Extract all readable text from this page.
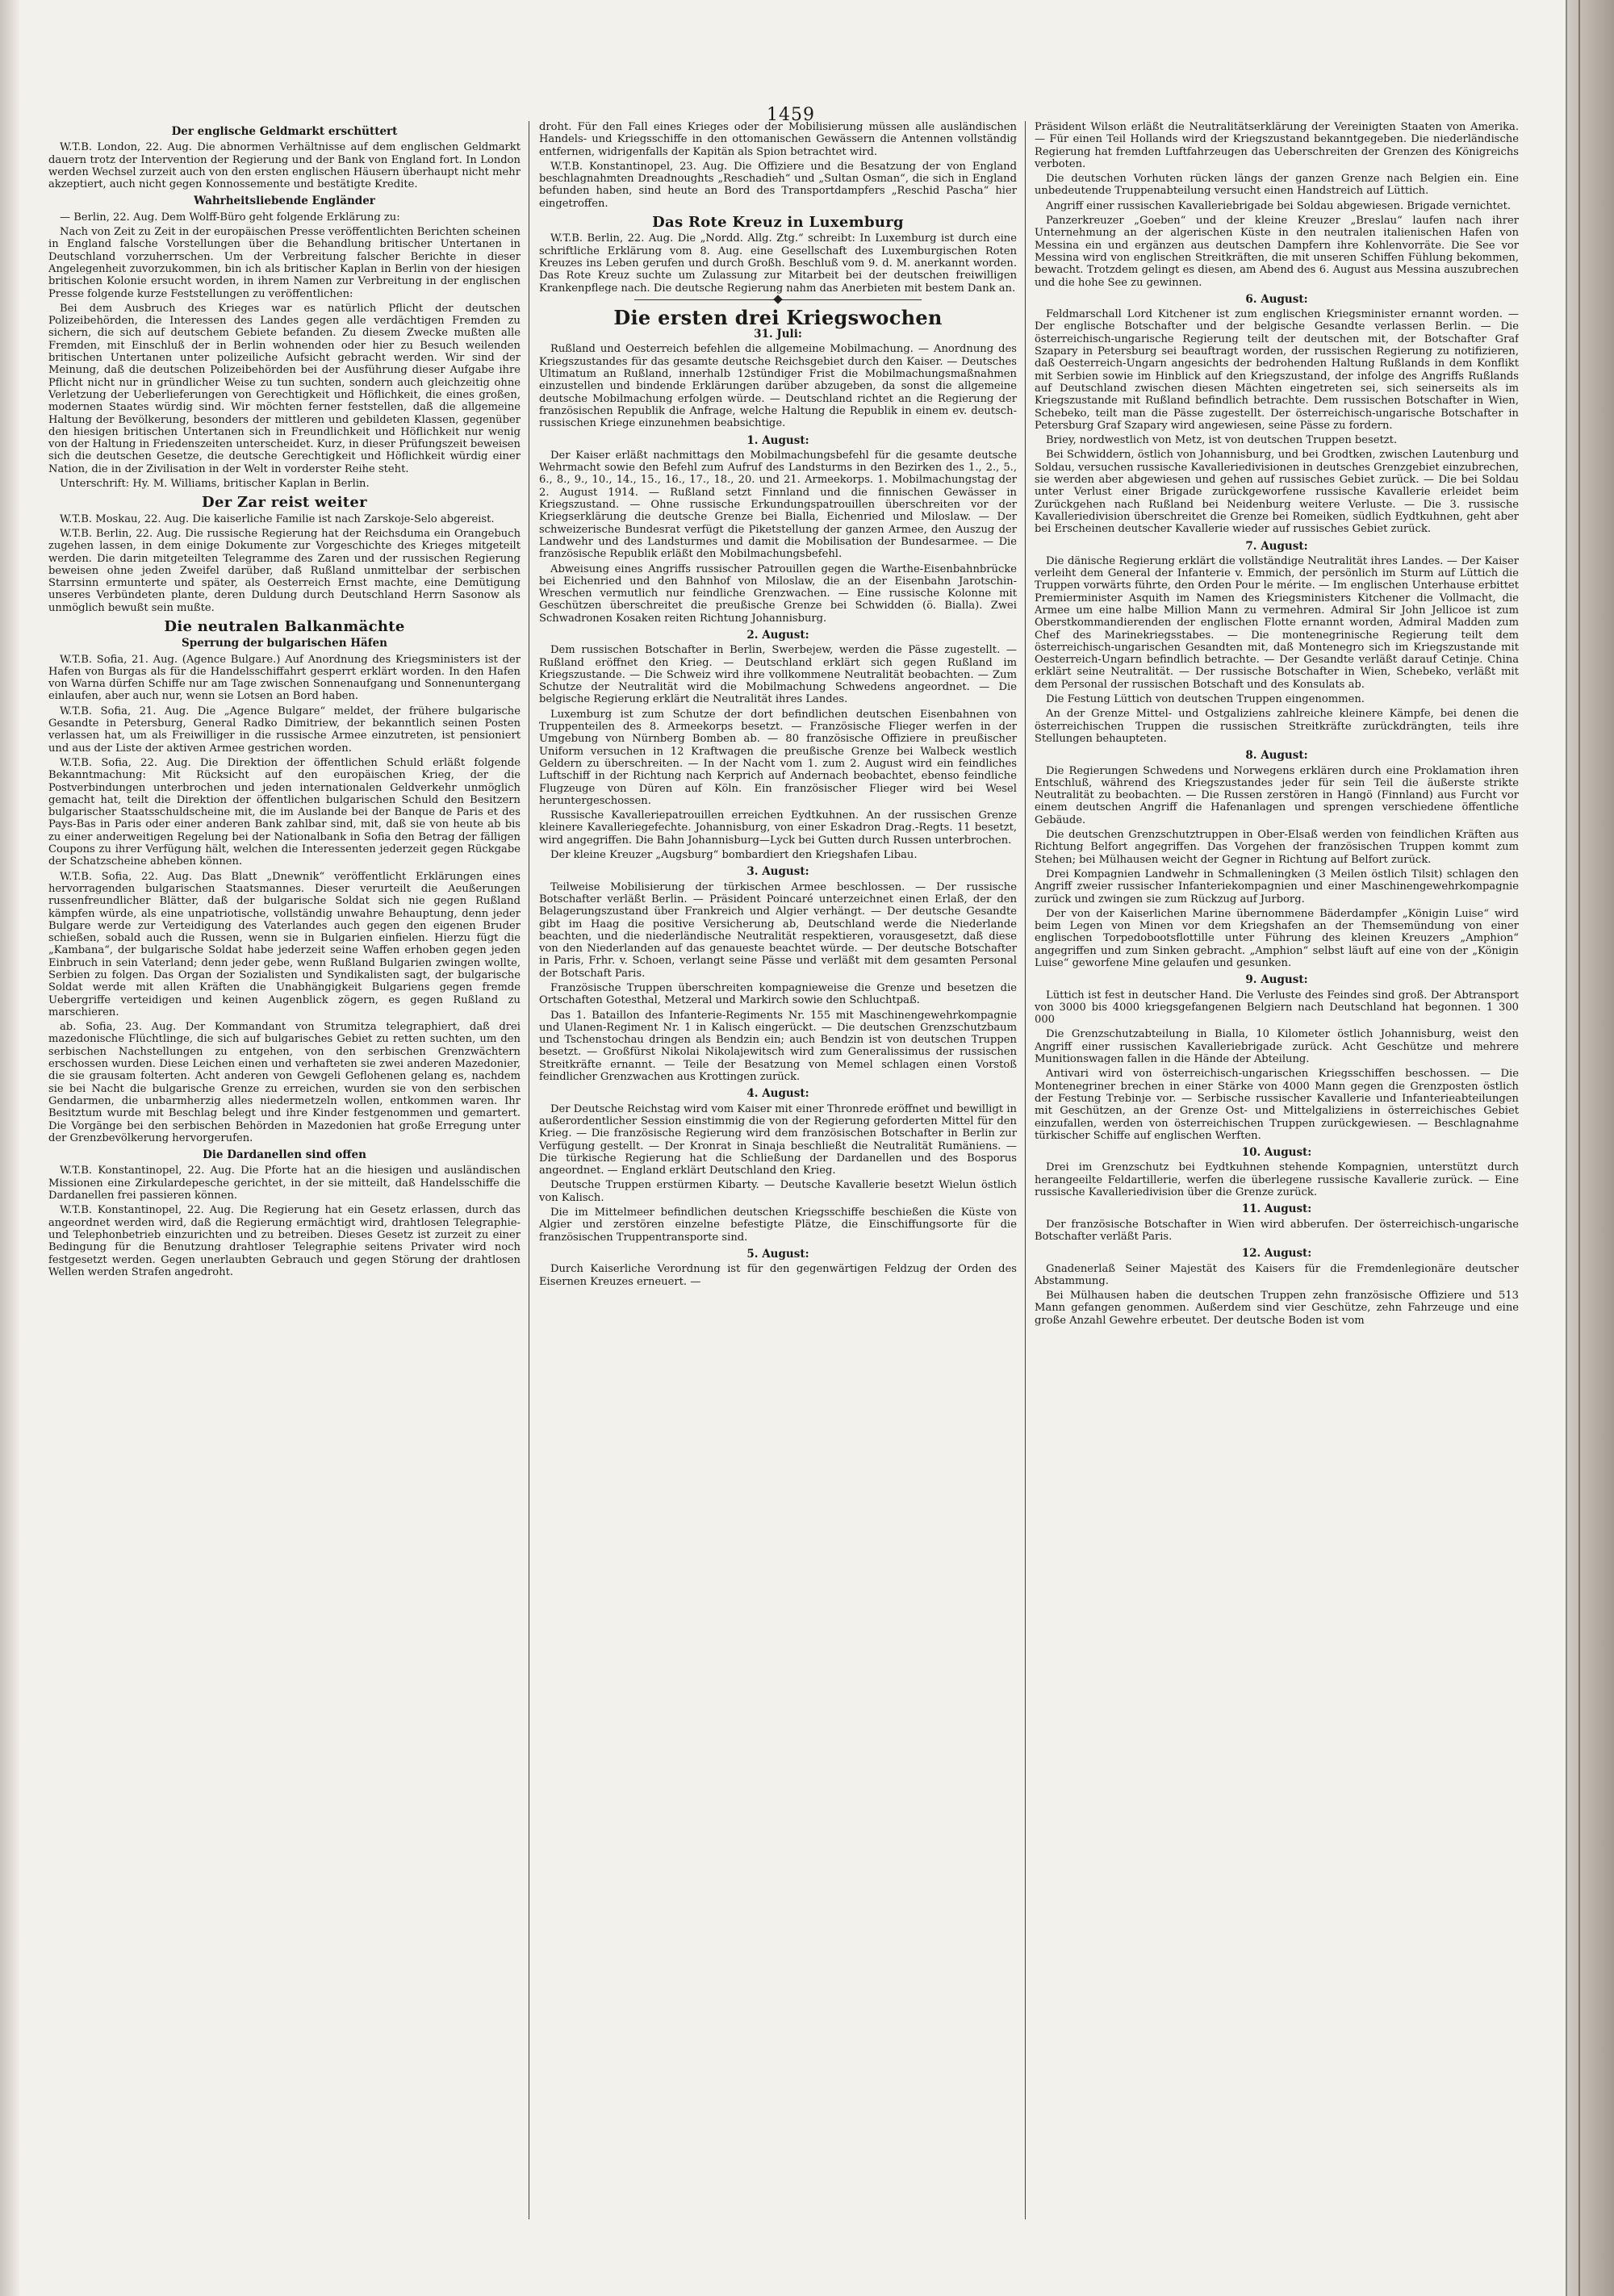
1459
Der englische Geldmarkt erschüttert

W.T.B. London, 22. Aug. Die abnormen Verhältnisse auf dem englischen Geldmarkt dauern trotz der Intervention der Regierung und der Bank von England fort. In London werden Wechsel zurzeit auch von den ersten englischen Häusern überhaupt nicht mehr akzeptiert, auch nicht gegen Konnossemente und bestätigte Kredite.

Wahrheitsliebende Engländer

— Berlin, 22. Aug. Dem Wolff-Büro geht folgende Erklärung zu:

Nach von Zeit zu Zeit in der europäischen Presse veröffentlichten Berichten scheinen in England falsche Vorstellungen über die Behandlung britischer Untertanen in Deutschland vorzuherrschen. Um der Verbreitung falscher Berichte in dieser Angelegenheit zuvorzukommen, bin ich als britischer Kaplan in Berlin von der hiesigen britischen Kolonie ersucht worden, in ihrem Namen zur Verbreitung in der englischen Presse folgende kurze Feststellungen zu veröffentlichen:

Bei dem Ausbruch des Krieges war es natürlich Pflicht der deutschen Polizeibehörden, die Interessen des Landes gegen alle verdächtigen Fremden zu sichern, die sich auf deutschem Gebiete befanden. Zu diesem Zwecke mußten alle Fremden, mit Einschluß der in Berlin wohnenden oder hier zu Besuch weilenden britischen Untertanen unter polizeiliche Aufsicht gebracht werden. Wir sind der Meinung, daß die deutschen Polizeibehörden bei der Ausführung dieser Aufgabe ihre Pflicht nicht nur in gründlicher Weise zu tun suchten, sondern auch gleichzeitig ohne Verletzung der Ueberlieferungen von Gerechtigkeit und Höflichkeit, die eines großen, modernen Staates würdig sind. Wir möchten ferner feststellen, daß die allgemeine Haltung der Bevölkerung, besonders der mittleren und gebildeten Klassen, gegenüber den hiesigen britischen Untertanen sich in Freundlichkeit und Höflichkeit nur wenig von der Haltung in Friedenszeiten unterscheidet. Kurz, in dieser Prüfungszeit beweisen sich die deutschen Gesetze, die deutsche Gerechtigkeit und Höflichkeit würdig einer Nation, die in der Zivilisation in der Welt in vorderster Reihe steht.

Unterschrift: Hy. M. Williams, britischer Kaplan in Berlin.

Der Zar reist weiter

W.T.B. Moskau, 22. Aug. Die kaiserliche Familie ist nach Zarskoje-Selo abgereist.

W.T.B. Berlin, 22. Aug. Die russische Regierung hat der Reichsduma ein Orangebuch zugehen lassen, in dem einige Dokumente zur Vorgeschichte des Krieges mitgeteilt werden. Die darin mitgeteilten Telegramme des Zaren und der russischen Regierung beweisen ohne jeden Zweifel darüber, daß Rußland unmittelbar der serbischen Starrsinn ermunterte und später, als Oesterreich Ernst machte, eine Demütigung unseres Verbündeten plante, deren Duldung durch Deutschland Herrn Sasonow als unmöglich bewußt sein mußte.

Die neutralen Balkanmächte
Sperrung der bulgarischen Häfen

W.T.B. Sofia, 21. Aug. (Agence Bulgare.) Auf Anordnung des Kriegsministers ist der Hafen von Burgas als für die Handelsschiffahrt gesperrt erklärt worden. In den Hafen von Warna dürfen Schiffe nur am Tage zwischen Sonnenaufgang und Sonnenuntergang einlaufen, aber auch nur, wenn sie Lotsen an Bord haben.

W.T.B. Sofia, 21. Aug. Die „Agence Bulgare“ meldet, der frühere bulgarische Gesandte in Petersburg, General Radko Dimitriew, der bekanntlich seinen Posten verlassen hat, um als Freiwilliger in die russische Armee einzutreten, ist pensioniert und aus der Liste der aktiven Armee gestrichen worden.

W.T.B. Sofia, 22. Aug. Die Direktion der öffentlichen Schuld erläßt folgende Bekanntmachung: Mit Rücksicht auf den europäischen Krieg, der die Postverbindungen unterbrochen und jeden internationalen Geldverkehr unmöglich gemacht hat, teilt die Direktion der öffentlichen bulgarischen Schuld den Besitzern bulgarischer Staatsschuldscheine mit, die im Auslande bei der Banque de Paris et des Pays-Bas in Paris oder einer anderen Bank zahlbar sind, mit, daß sie von heute ab bis zu einer anderweitigen Regelung bei der Nationalbank in Sofia den Betrag der fälligen Coupons zu ihrer Verfügung hält, welchen die Interessenten jederzeit gegen Rückgabe der Schatzscheine abheben können.

W.T.B. Sofia, 22. Aug. Das Blatt „Dnewnik“ veröffentlicht Erklärungen eines hervorragenden bulgarischen Staatsmannes. Dieser verurteilt die Aeußerungen russenfreundlicher Blätter, daß der bulgarische Soldat sich nie gegen Rußland kämpfen würde, als eine unpatriotische, vollständig unwahre Behauptung, denn jeder Bulgare werde zur Verteidigung des Vaterlandes auch gegen den eigenen Bruder schießen, sobald auch die Russen, wenn sie in Bulgarien einfielen. Hierzu fügt die „Kambana“, der bulgarische Soldat habe jederzeit seine Waffen erhoben gegen jeden Einbruch in sein Vaterland; denn jeder gebe, wenn Rußland Bulgarien zwingen wollte, Serbien zu folgen. Das Organ der Sozialisten und Syndikalisten sagt, der bulgarische Soldat werde mit allen Kräften die Unabhängigkeit Bulgariens gegen fremde Uebergriffe verteidigen und keinen Augenblick zögern, es gegen Rußland zu marschieren.

ab. Sofia, 23. Aug. Der Kommandant von Strumitza telegraphiert, daß drei mazedonische Flüchtlinge, die sich auf bulgarisches Gebiet zu retten suchten, um den serbischen Nachstellungen zu entgehen, von den serbischen Grenzwächtern erschossen wurden. Diese Leichen einen und verhafteten sie zwei anderen Mazedonier, die sie grausam folterten. Acht anderen von Gewgeli Geflohenen gelang es, nachdem sie bei Nacht die bulgarische Grenze zu erreichen, wurden sie von den serbischen Gendarmen, die unbarmherzig alles niedermetzeln wollen, entkommen waren. Ihr Besitztum wurde mit Beschlag belegt und ihre Kinder festgenommen und gemartert. Die Vorgänge bei den serbischen Behörden in Mazedonien hat große Erregung unter der Grenzbevölkerung hervorgerufen.

Die Dardanellen sind offen

W.T.B. Konstantinopel, 22. Aug. Die Pforte hat an die hiesigen und ausländischen Missionen eine Zirkulardepesche gerichtet, in der sie mitteilt, daß Handelsschiffe die Dardanellen frei passieren können.

W.T.B. Konstantinopel, 22. Aug. Die Regierung hat ein Gesetz erlassen, durch das angeordnet werden wird, daß die Regierung ermächtigt wird, drahtlosen Telegraphie- und Telephonbetrieb einzurichten und zu betreiben. Dieses Gesetz ist zurzeit zu einer Bedingung für die Benutzung drahtloser Telegraphie seitens Privater wird noch festgesetzt werden. Gegen unerlaubten Gebrauch und gegen Störung der drahtlosen Wellen werden Strafen angedroht.

droht. Für den Fall eines Krieges oder der Mobilisierung müssen alle ausländischen Handels- und Kriegsschiffe in den ottomanischen Gewässern die Antennen vollständig entfernen, widrigenfalls der Kapitän als Spion betrachtet wird.

W.T.B. Konstantinopel, 23. Aug. Die Offiziere und die Besatzung der von England beschlagnahmten Dreadnoughts „Reschadieh“ und „Sultan Osman“, die sich in England befunden haben, sind heute an Bord des Transportdampfers „Reschid Pascha“ hier eingetroffen.

Das Rote Kreuz in Luxemburg

W.T.B. Berlin, 22. Aug. Die „Nordd. Allg. Ztg.“ schreibt: In Luxemburg ist durch eine schriftliche Erklärung vom 8. Aug. eine Gesellschaft des Luxemburgischen Roten Kreuzes ins Leben gerufen und durch Großh. Beschluß vom 9. d. M. anerkannt worden. Das Rote Kreuz suchte um Zulassung zur Mitarbeit bei der deutschen freiwilligen Krankenpflege nach. Die deutsche Regierung nahm das Anerbieten mit bestem Dank an.

Die ersten drei Kriegswochen
31. Juli:

Rußland und Oesterreich befehlen die allgemeine Mobilmachung. — Anordnung des Kriegszustandes für das gesamte deutsche Reichsgebiet durch den Kaiser. — Deutsches Ultimatum an Rußland, innerhalb 12stündiger Frist die Mobilmachungsmaßnahmen einzustellen und bindende Erklärungen darüber abzugeben, da sonst die allgemeine deutsche Mobilmachung erfolgen würde. — Deutschland richtet an die Regierung der französischen Republik die Anfrage, welche Haltung die Republik in einem ev. deutsch-russischen Kriege einzunehmen beabsichtige.

1. August:

Der Kaiser erläßt nachmittags den Mobilmachungsbefehl für die gesamte deutsche Wehrmacht sowie den Befehl zum Aufruf des Landsturms in den Bezirken des 1., 2., 5., 6., 8., 9., 10., 14., 15., 16., 17., 18., 20. und 21. Armeekorps. 1. Mobilmachungstag der 2. August 1914. — Rußland setzt Finnland und die finnischen Gewässer in Kriegszustand. — Ohne russische Erkundungspatrouillen überschreiten vor der Kriegserklärung die deutsche Grenze bei Bialla, Eichenried und Miloslaw. — Der schweizerische Bundesrat verfügt die Piketstellung der ganzen Armee, den Auszug der Landwehr und des Landsturmes und damit die Mobilisation der Bundesarmee. — Die französische Republik erläßt den Mobilmachungsbefehl.

Abweisung eines Angriffs russischer Patrouillen gegen die Warthe-Eisenbahnbrücke bei Eichenried und den Bahnhof von Miloslaw, die an der Eisenbahn Jarotschin-Wreschen vermutlich nur feindliche Grenzwachen. — Eine russische Kolonne mit Geschützen überschreitet die preußische Grenze bei Schwidden (ö. Bialla). Zwei Schwadronen Kosaken reiten Richtung Johannisburg.

2. August:

Dem russischen Botschafter in Berlin, Swerbejew, werden die Pässe zugestellt. — Rußland eröffnet den Krieg. — Deutschland erklärt sich gegen Rußland im Kriegszustande. — Die Schweiz wird ihre vollkommene Neutralität beobachten. — Zum Schutze der Neutralität wird die Mobilmachung Schwedens angeordnet. — Die belgische Regierung erklärt die Neutralität ihres Landes.

Luxemburg ist zum Schutze der dort befindlichen deutschen Eisenbahnen von Truppenteilen des 8. Armeekorps besetzt. — Französische Flieger werfen in der Umgebung von Nürnberg Bomben ab. — 80 französische Offiziere in preußischer Uniform versuchen in 12 Kraftwagen die preußische Grenze bei Walbeck westlich Geldern zu überschreiten. — In der Nacht vom 1. zum 2. August wird ein feindliches Luftschiff in der Richtung nach Kerprich auf Andernach beobachtet, ebenso feindliche Flugzeuge von Düren auf Köln. Ein französischer Flieger wird bei Wesel heruntergeschossen.

Russische Kavalleriepatrouillen erreichen Eydtkuhnen. An der russischen Grenze kleinere Kavalleriegefechte. Johannisburg, von einer Eskadron Drag.-Regts. 11 besetzt, wird angegriffen. Die Bahn Johannisburg—Lyck bei Gutten durch Russen unterbrochen.

Der kleine Kreuzer „Augsburg“ bombardiert den Kriegshafen Libau.

3. August:

Teilweise Mobilisierung der türkischen Armee beschlossen. — Der russische Botschafter verläßt Berlin. — Präsident Poincaré unterzeichnet einen Erlaß, der den Belagerungszustand über Frankreich und Algier verhängt. — Der deutsche Gesandte gibt im Haag die positive Versicherung ab, Deutschland werde die Niederlande beachten, und die niederländische Neutralität respektieren, vorausgesetzt, daß diese von den Niederlanden auf das genaueste beachtet würde. — Der deutsche Botschafter in Paris, Frhr. v. Schoen, verlangt seine Pässe und verläßt mit dem gesamten Personal der Botschaft Paris.

Französische Truppen überschreiten kompagnieweise die Grenze und besetzen die Ortschaften Gotesthal, Metzeral und Markirch sowie den Schluchtpaß.

Das 1. Bataillon des Infanterie-Regiments Nr. 155 mit Maschinengewehrkompagnie und Ulanen-Regiment Nr. 1 in Kalisch eingerückt. — Die deutschen Grenzschutzbaum und Tschenstochau dringen als Bendzin ein; auch Bendzin ist von deutschen Truppen besetzt. — Großfürst Nikolai Nikolajewitsch wird zum Generalissimus der russischen Streitkräfte ernannt. — Teile der Besatzung von Memel schlagen einen Vorstoß feindlicher Grenzwachen aus Krottingen zurück.

4. August:

Der Deutsche Reichstag wird vom Kaiser mit einer Thronrede eröffnet und bewilligt in außerordentlicher Session einstimmig die von der Regierung geforderten Mittel für den Krieg. — Die französische Regierung wird dem französischen Botschafter in Berlin zur Verfügung gestellt. — Der Kronrat in Sinaja beschließt die Neutralität Rumäniens. — Die türkische Regierung hat die Schließung der Dardanellen und des Bosporus angeordnet. — England erklärt Deutschland den Krieg.

Deutsche Truppen erstürmen Kibarty. — Deutsche Kavallerie besetzt Wielun östlich von Kalisch.

Die im Mittelmeer befindlichen deutschen Kriegsschiffe beschießen die Küste von Algier und zerstören einzelne befestigte Plätze, die Einschiffungsorte für die französischen Truppentransporte sind.

5. August:

Durch Kaiserliche Verordnung ist für den gegenwärtigen Feldzug der Orden des Eisernen Kreuzes erneuert. —

Präsident Wilson erläßt die Neutralitätserklärung der Vereinigten Staaten von Amerika. — Für einen Teil Hollands wird der Kriegszustand bekanntgegeben. Die niederländische Regierung hat fremden Luftfahrzeugen das Ueberschreiten der Grenzen des Königreichs verboten.

Die deutschen Vorhuten rücken längs der ganzen Grenze nach Belgien ein. Eine unbedeutende Truppenabteilung versucht einen Handstreich auf Lüttich.

Angriff einer russischen Kavalleriebrigade bei Soldau abgewiesen. Brigade vernichtet.

Panzerkreuzer „Goeben“ und der kleine Kreuzer „Breslau“ laufen nach ihrer Unternehmung an der algerischen Küste in den neutralen italienischen Hafen von Messina ein und ergänzen aus deutschen Dampfern ihre Kohlenvorräte. Die See vor Messina wird von englischen Streitkräften, die mit unseren Schiffen Fühlung bekommen, bewacht. Trotzdem gelingt es diesen, am Abend des 6. August aus Messina auszubrechen und die hohe See zu gewinnen.

6. August:

Feldmarschall Lord Kitchener ist zum englischen Kriegsminister ernannt worden. — Der englische Botschafter und der belgische Gesandte verlassen Berlin. — Die österreichisch-ungarische Regierung teilt der deutschen mit, der Botschafter Graf Szapary in Petersburg sei beauftragt worden, der russischen Regierung zu notifizieren, daß Oesterreich-Ungarn angesichts der bedrohenden Haltung Rußlands in dem Konflikt mit Serbien sowie im Hinblick auf den Kriegszustand, der infolge des Angriffs Rußlands auf Deutschland zwischen diesen Mächten eingetreten sei, sich seinerseits als im Kriegszustande mit Rußland befindlich betrachte. Dem russischen Botschafter in Wien, Schebeko, teilt man die Pässe zugestellt. Der österreichisch-ungarische Botschafter in Petersburg Graf Szapary wird angewiesen, seine Pässe zu fordern.

Briey, nordwestlich von Metz, ist von deutschen Truppen besetzt.

Bei Schwiddern, östlich von Johannisburg, und bei Grodtken, zwischen Lautenburg und Soldau, versuchen russische Kavalleriedivisionen in deutsches Grenzgebiet einzubrechen, sie werden aber abgewiesen und gehen auf russisches Gebiet zurück. — Die bei Soldau unter Verlust einer Brigade zurückgeworfene russische Kavallerie erleidet beim Zurückgehen nach Rußland bei Neidenburg weitere Verluste. — Die 3. russische Kavalleriedivision überschreitet die Grenze bei Romeiken, südlich Eydtkuhnen, geht aber bei Erscheinen deutscher Kavallerie wieder auf russisches Gebiet zurück.

7. August:

Die dänische Regierung erklärt die vollständige Neutralität ihres Landes. — Der Kaiser verleiht dem General der Infanterie v. Emmich, der persönlich im Sturm auf Lüttich die Truppen vorwärts führte, den Orden Pour le mérite. — Im englischen Unterhause erbittet Premierminister Asquith im Namen des Kriegsministers Kitchener die Vollmacht, die Armee um eine halbe Million Mann zu vermehren. Admiral Sir John Jellicoe ist zum Oberstkommandierenden der englischen Flotte ernannt worden, Admiral Madden zum Chef des Marinekriegsstabes. — Die montenegrinische Regierung teilt dem österreichisch-ungarischen Gesandten mit, daß Montenegro sich im Kriegszustande mit Oesterreich-Ungarn befindlich betrachte. — Der Gesandte verläßt darauf Cetinje. China erklärt seine Neutralität. — Der russische Botschafter in Wien, Schebeko, verläßt mit dem Personal der russischen Botschaft und des Konsulats ab.

Die Festung Lüttich von deutschen Truppen eingenommen.

An der Grenze Mittel- und Ostgaliziens zahlreiche kleinere Kämpfe, bei denen die österreichischen Truppen die russischen Streitkräfte zurückdrängten, teils ihre Stellungen behaupteten.

8. August:

Die Regierungen Schwedens und Norwegens erklären durch eine Proklamation ihren Entschluß, während des Kriegszustandes jeder für sein Teil die äußerste strikte Neutralität zu beobachten. — Die Russen zerstören in Hangö (Finnland) aus Furcht vor einem deutschen Angriff die Hafenanlagen und sprengen verschiedene öffentliche Gebäude.

Die deutschen Grenzschutztruppen in Ober-Elsaß werden von feindlichen Kräften aus Richtung Belfort angegriffen. Das Vorgehen der französischen Truppen kommt zum Stehen; bei Mülhausen weicht der Gegner in Richtung auf Belfort zurück.

Drei Kompagnien Landwehr in Schmalleningken (3 Meilen östlich Tilsit) schlagen den Angriff zweier russischer Infanteriekompagnien und einer Maschinengewehrkompagnie zurück und zwingen sie zum Rückzug auf Jurborg.

Der von der Kaiserlichen Marine übernommene Bäderdampfer „Königin Luise“ wird beim Legen von Minen vor dem Kriegshafen an der Themsemündung von einer englischen Torpedobootsflottille unter Führung des kleinen Kreuzers „Amphion“ angegriffen und zum Sinken gebracht. „Amphion“ selbst läuft auf eine von der „Königin Luise“ geworfene Mine gelaufen und gesunken.

9. August:

Lüttich ist fest in deutscher Hand. Die Verluste des Feindes sind groß. Der Abtransport von 3000 bis 4000 kriegsgefangenen Belgiern nach Deutschland hat begonnen. 1 300 000

Die Grenzschutzabteilung in Bialla, 10 Kilometer östlich Johannisburg, weist den Angriff einer russischen Kavalleriebrigade zurück. Acht Geschütze und mehrere Munitionswagen fallen in die Hände der Abteilung.

Antivari wird von österreichisch-ungarischen Kriegsschiffen beschossen. — Die Montenegriner brechen in einer Stärke von 4000 Mann gegen die Grenzposten östlich der Festung Trebinje vor. — Serbische russischer Kavallerie und Infanterieabteilungen mit Geschützen, an der Grenze Ost- und Mittelgaliziens in österreichisches Gebiet einzufallen, werden von österreichischen Truppen zurückgewiesen. — Beschlagnahme türkischer Schiffe auf englischen Werften.

10. August:

Drei im Grenzschutz bei Eydtkuhnen stehende Kompagnien, unterstützt durch herangeeilte Feldartillerie, werfen die überlegene russische Kavallerie zurück. — Eine russische Kavalleriedivision über die Grenze zurück.

11. August:

Der französische Botschafter in Wien wird abberufen. Der österreichisch-ungarische Botschafter verläßt Paris.

12. August:

Gnadenerlaß Seiner Majestät des Kaisers für die Fremdenlegionäre deutscher Abstammung.

Bei Mülhausen haben die deutschen Truppen zehn französische Offiziere und 513 Mann gefangen genommen. Außerdem sind vier Geschütze, zehn Fahrzeuge und eine große Anzahl Gewehre erbeutet. Der deutsche Boden ist vom
